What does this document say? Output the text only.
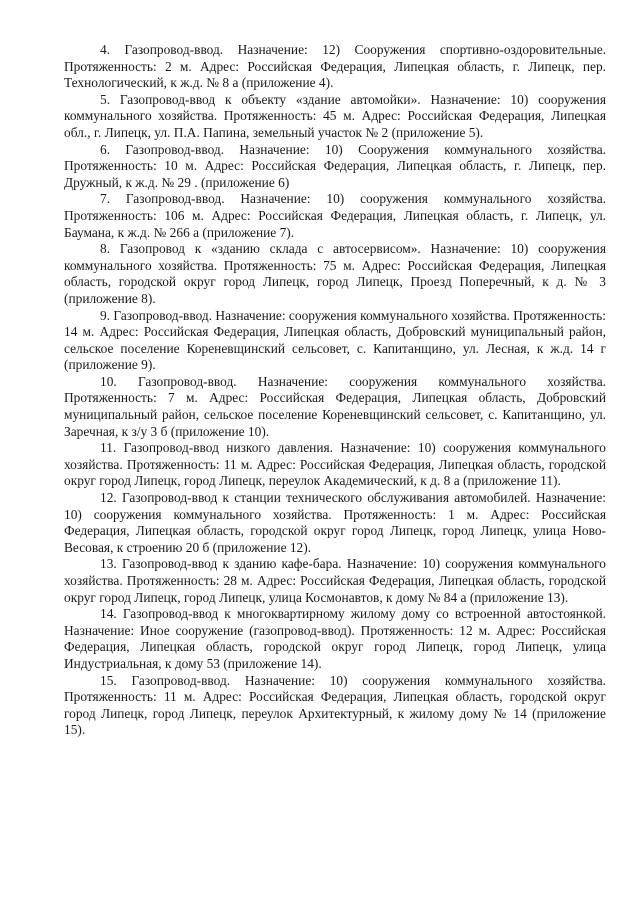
4. Газопровод-ввод. Назначение: 12) Сооружения спортивно-оздоровительные. Протяженность: 2 м. Адрес: Российская Федерация, Липецкая область, г. Липецк, пер. Технологический, к ж.д. № 8 а (приложение 4).

5. Газопровод-ввод к объекту «здание автомойки». Назначение: 10) сооружения коммунального хозяйства. Протяженность: 45 м. Адрес: Российская Федерация, Липецкая обл., г. Липецк, ул. П.А. Папина, земельный участок № 2 (приложение 5).

6. Газопровод-ввод. Назначение: 10) Сооружения коммунального хозяйства. Протяженность: 10 м. Адрес: Российская Федерация, Липецкая область, г. Липецк, пер. Дружный, к ж.д. № 29 . (приложение 6)

7. Газопровод-ввод. Назначение: 10) сооружения коммунального хозяйства. Протяженность: 106 м. Адрес: Российская Федерация, Липецкая область, г. Липецк, ул. Баумана, к ж.д. № 266 а (приложение 7).

8. Газопровод к «зданию склада с автосервисом». Назначение: 10) сооружения коммунального хозяйства. Протяженность: 75 м. Адрес: Российская Федерация, Липецкая область, городской округ город Липецк, город Липецк, Проезд Поперечный, к д. № 3 (приложение 8).

9. Газопровод-ввод. Назначение: сооружения коммунального хозяйства. Протяженность: 14 м. Адрес: Российская Федерация, Липецкая область, Добровский муниципальный район, сельское поселение Кореневщинский сельсовет, с. Капитанщино, ул. Лесная, к ж.д. 14 г (приложение 9).

10. Газопровод-ввод. Назначение: сооружения коммунального хозяйства. Протяженность: 7 м. Адрес: Российская Федерация, Липецкая область, Добровский муниципальный район, сельское поселение Кореневщинский сельсовет, с. Капитанщино, ул. Заречная, к з/у 3 б (приложение 10).

11. Газопровод-ввод низкого давления. Назначение: 10) сооружения коммунального хозяйства. Протяженность: 11 м. Адрес: Российская Федерация, Липецкая область, городской округ город Липецк, город Липецк, переулок Академический, к д. 8 а (приложение 11).

12. Газопровод-ввод к станции технического обслуживания автомобилей. Назначение: 10) сооружения коммунального хозяйства. Протяженность: 1 м. Адрес: Российская Федерация, Липецкая область, городской округ город Липецк, город Липецк, улица Ново-Весовая, к строению 20 б (приложение 12).

13. Газопровод-ввод к зданию кафе-бара. Назначение: 10) сооружения коммунального хозяйства. Протяженность: 28 м. Адрес: Российская Федерация, Липецкая область, городской округ город Липецк, город Липецк, улица Космонавтов, к дому № 84 а (приложение 13).

14. Газопровод-ввод к многоквартирному жилому дому со встроенной автостоянкой. Назначение: Иное сооружение (газопровод-ввод). Протяженность: 12 м. Адрес: Российская Федерация, Липецкая область, городской округ город Липецк, город Липецк, улица Индустриальная, к дому 53 (приложение 14).

15. Газопровод-ввод. Назначение: 10) сооружения коммунального хозяйства. Протяженность: 11 м. Адрес: Российская Федерация, Липецкая область, городской округ город Липецк, город Липецк, переулок Архитектурный, к жилому дому № 14 (приложение 15).
